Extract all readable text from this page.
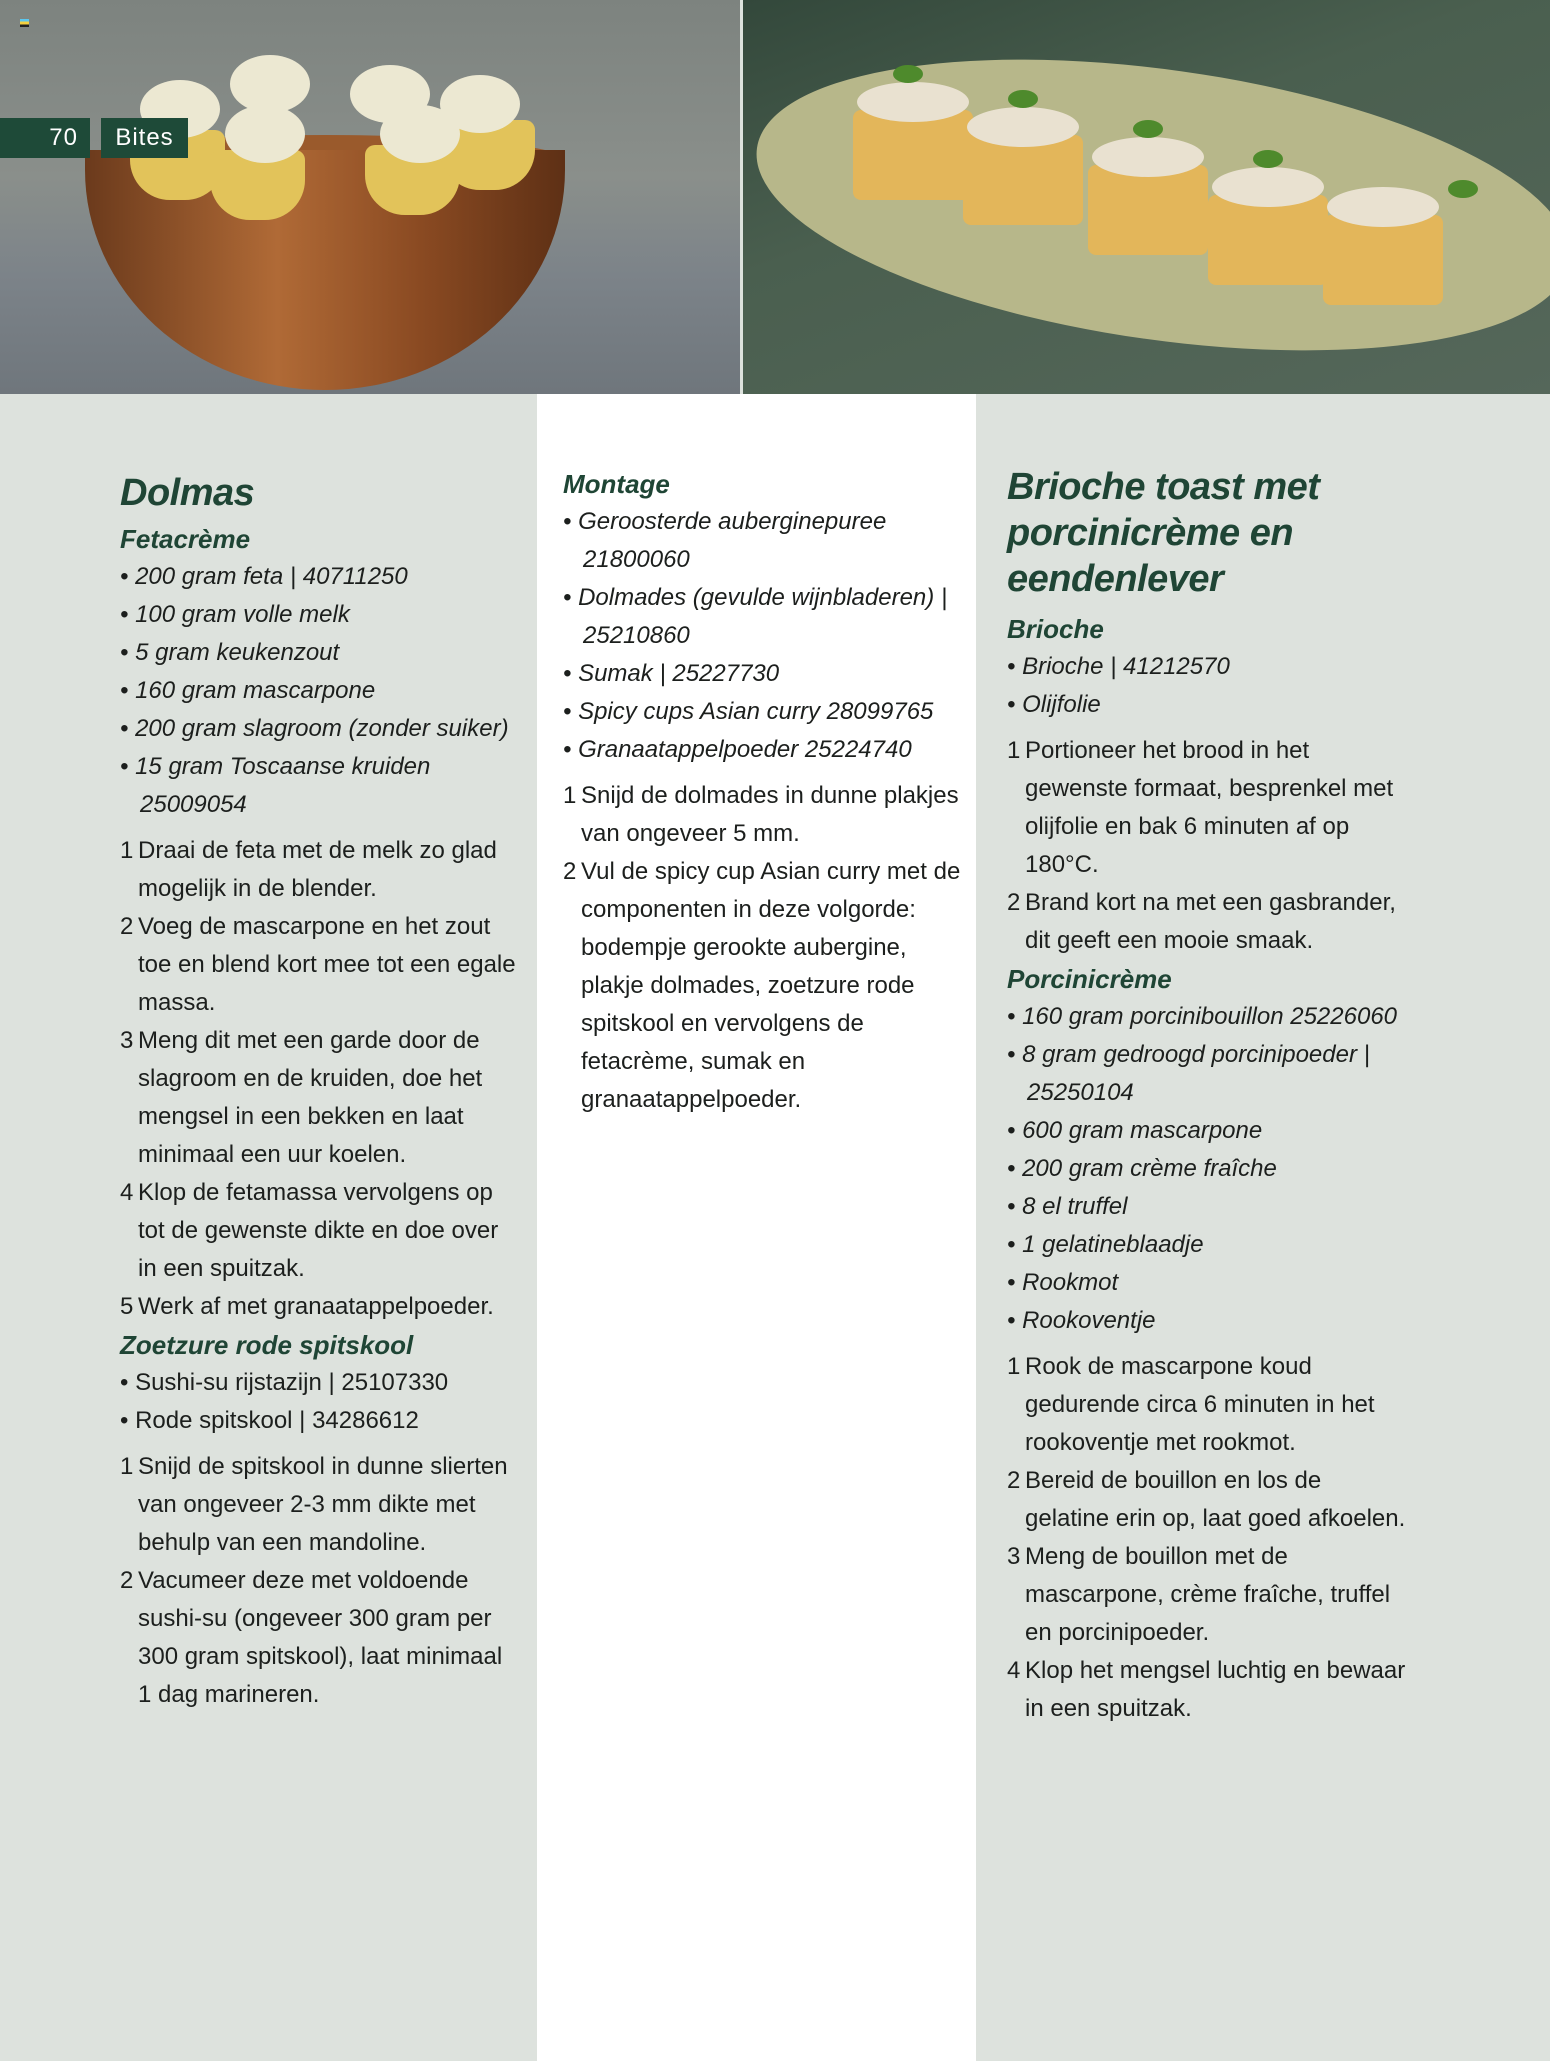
70	Bites
Dolmas
Fetacrème
• 200 gram feta | 40711250
• 100 gram volle melk
• 5 gram keukenzout
• 160 gram mascarpone
• 200 gram slagroom (zonder suiker)
• 15 gram Toscaanse kruiden 25009054
1 Draai de feta met de melk zo glad mogelijk in de blender.
2 Voeg de mascarpone en het zout toe en blend kort mee tot een egale massa.
3 Meng dit met een garde door de slagroom en de kruiden, doe het mengsel in een bekken en laat minimaal een uur koelen.
4 Klop de fetamassa vervolgens op tot de gewenste dikte en doe over in een spuitzak.
5 Werk af met granaatappelpoeder.
Zoetzure rode spitskool
• Sushi-su rijstazijn | 25107330
• Rode spitskool | 34286612
1 Snijd de spitskool in dunne slierten van ongeveer 2-3 mm dikte met behulp van een mandoline.
2 Vacumeer deze met voldoende sushi-su (ongeveer 300 gram per 300 gram spitskool), laat minimaal 1 dag marineren.
Montage
• Geroosterde auberginepuree 21800060
• Dolmades (gevulde wijnbladeren) | 25210860
• Sumak | 25227730
• Spicy cups Asian curry 28099765
• Granaatappelpoeder 25224740
1 Snijd de dolmades in dunne plakjes van ongeveer 5 mm.
2 Vul de spicy cup Asian curry met de componenten in deze volgorde: bodempje gerookte aubergine, plakje dolmades, zoetzure rode spitskool en vervolgens de fetacrème, sumak en granaatappelpoeder.
Brioche toast met porcinicrème en eendenlever
Brioche
• Brioche | 41212570
• Olijfolie
1 Portioneer het brood in het gewenste formaat, besprenkel met olijfolie en bak 6 minuten af op 180°C.
2 Brand kort na met een gasbrander, dit geeft een mooie smaak.
Porcinicrème
• 160 gram porcinibouillon 25226060
• 8 gram gedroogd porcinipoeder | 25250104
• 600 gram mascarpone
• 200 gram crème fraîche
• 8 el truffel
• 1 gelatineblaadje
• Rookmot
• Rookoventje
1 Rook de mascarpone koud gedurende circa 6 minuten in het rookoventje met rookmot.
2 Bereid de bouillon en los de gelatine erin op, laat goed afkoelen.
3 Meng de bouillon met de mascarpone, crème fraîche, truffel en porcinipoeder.
4 Klop het mengsel luchtig en bewaar in een spuitzak.
